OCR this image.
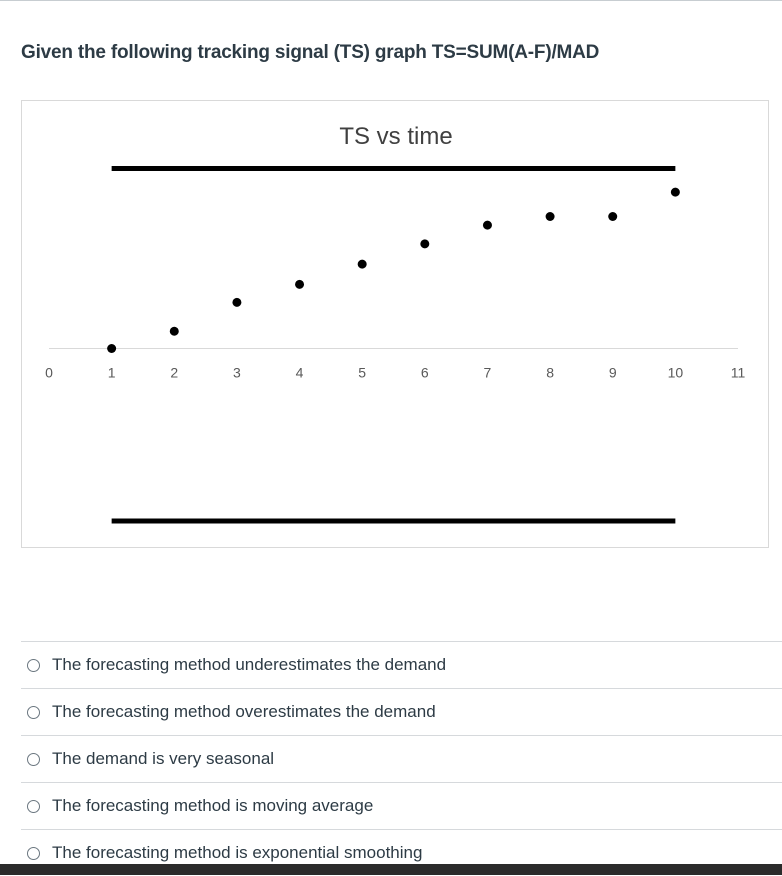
Given the following tracking signal (TS) graph TS=SUM(A-F)/MAD
TS vs time
0	1	2	3	4	5	6	7	8	9	10	11
The forecasting method underestimates the demand
The forecasting method overestimates the demand
The demand is very seasonal
The forecasting method is moving average
The forecasting method is exponential smoothing
